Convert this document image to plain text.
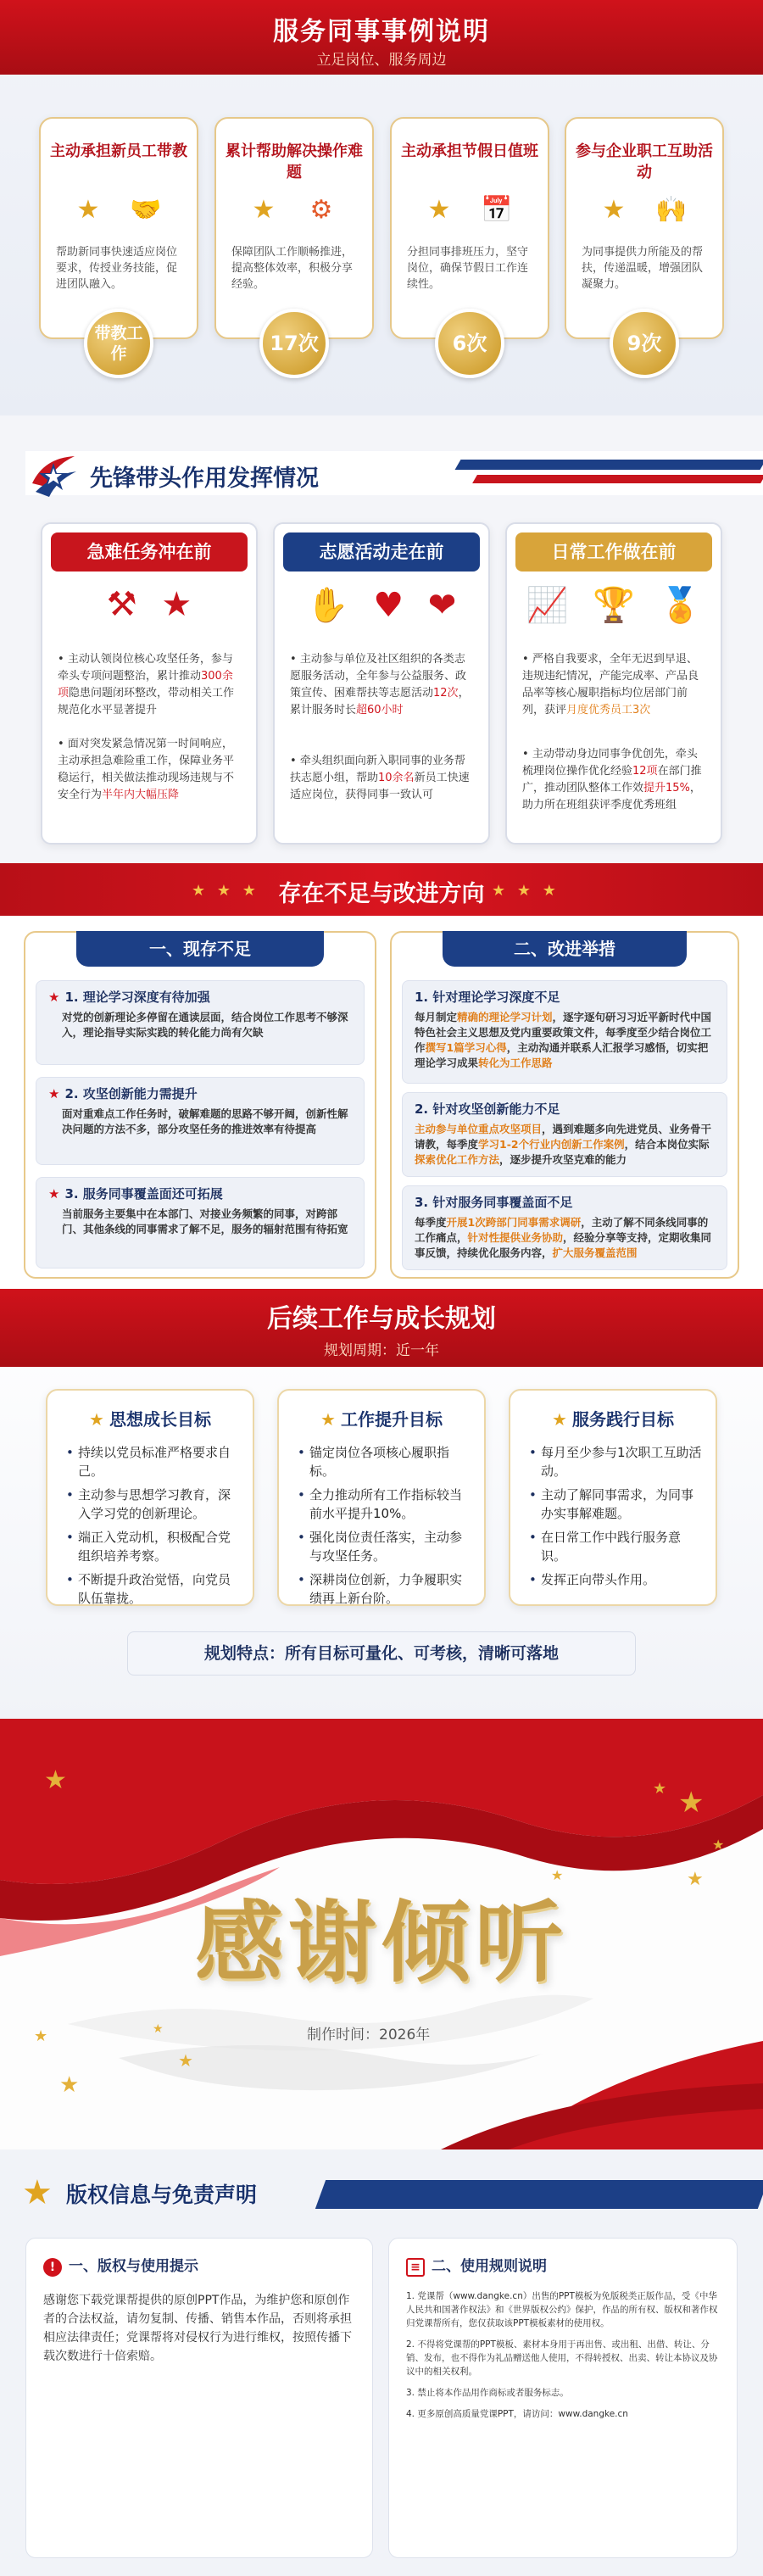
服务同事事例说明
立足岗位、服务周边
主动承担新员工带教
★ 🤝
帮助新同事快速适应岗位要求，传授业务技能，促进团队融入。
累计帮助解决操作难题
★ ⚙
保障团队工作顺畅推进，提高整体效率，积极分享经验。
主动承担节假日值班
★ 📅
分担同事排班压力，坚守岗位，确保节假日工作连续性。
参与企业职工互助活动
★ 🙌
为同事提供力所能及的帮扶，传递温暖，增强团队凝聚力。
带教工作	17次	6次	9次
先锋带头作用发挥情况
急难任务冲在前
⚒ ★
• 主动认领岗位核心攻坚任务，参与牵头专项问题整治，累计推动300余项隐患问题闭环整改，带动相关工作规范化水平显著提升
• 面对突发紧急情况第一时间响应，主动承担急难险重工作，保障业务平稳运行，相关做法推动现场违规与不安全行为半年内大幅压降
志愿活动走在前
✋ ♥ ❤
• 主动参与单位及社区组织的各类志愿服务活动，全年参与公益服务、政策宣传、困难帮扶等志愿活动12次，累计服务时长超60小时
• 牵头组织面向新入职同事的业务帮扶志愿小组，帮助10余名新员工快速适应岗位，获得同事一致认可
日常工作做在前
📈 🏆 🏅
• 严格自我要求，全年无迟到早退、违规违纪情况，产能完成率、产品良品率等核心履职指标均位居部门前列，获评月度优秀员工3次
• 主动带动身边同事争优创先，牵头梳理岗位操作优化经验12项在部门推广，推动团队整体工作效提升15%，助力所在班组获评季度优秀班组
★ ★ ★ 存在不足与改进方向 ★ ★ ★
一、现存不足
★ 1. 理论学习深度有待加强
对党的创新理论多停留在通读层面，结合岗位工作思考不够深入，理论指导实际实践的转化能力尚有欠缺
★ 2. 攻坚创新能力需提升
面对重难点工作任务时，破解难题的思路不够开阔，创新性解决问题的方法不多，部分攻坚任务的推进效率有待提高
★ 3. 服务同事覆盖面还可拓展
当前服务主要集中在本部门、对接业务频繁的同事，对跨部门、其他条线的同事需求了解不足，服务的辐射范围有待拓宽
二、改进举措
1. 针对理论学习深度不足
每月制定精确的理论学习计划，逐字逐句研习习近平新时代中国特色社会主义思想及党内重要政策文件，每季度至少结合岗位工作撰写1篇学习心得，主动沟通并联系人汇报学习感悟，切实把理论学习成果转化为工作思路
2. 针对攻坚创新能力不足
主动参与单位重点攻坚项目，遇到难题多向先进党员、业务骨干请教，每季度学习1-2个行业内创新工作案例，结合本岗位实际探索优化工作方法，逐步提升攻坚克难的能力
3. 针对服务同事覆盖面不足
每季度开展1次跨部门同事需求调研，主动了解不同条线同事的工作痛点，针对性提供业务协助，经验分享等支持，定期收集同事反馈，持续优化服务内容，扩大服务覆盖范围
后续工作与成长规划
规划周期：近一年
★ 思想成长目标
• 持续以党员标准严格要求自己。
• 主动参与思想学习教育，深入学习党的创新理论。
• 端正入党动机，积极配合党组织培养考察。
• 不断提升政治觉悟，向党员队伍靠拢。
★ 工作提升目标
• 锚定岗位各项核心履职指标。
• 全力推动所有工作指标较当前水平提升10%。
• 强化岗位责任落实，主动参与攻坚任务。
• 深耕岗位创新，力争履职实绩再上新台阶。
★ 服务践行目标
• 每月至少参与1次职工互助活动。
• 主动了解同事需求，为同事办实事解难题。
• 在日常工作中践行服务意识。
• 发挥正向带头作用。
规划特点：所有目标可量化、可考核，清晰可落地
★
★
★
★
★
★
★
★
★
★
感谢倾听
制作时间：2026年
★ 版权信息与免责声明
! 一、版权与使用提示
感谢您下载党课帮提供的原创PPT作品，为维护您和原创作者的合法权益，请勿复制、传播、销售本作品，否则将承担相应法律责任；党课帮将对侵权行为进行维权，按照传播下载次数进行十倍索赔。
≡ 二、使用规则说明
1. 党课帮（www.dangke.cn）出售的PPT模板为免版税类正版作品，受《中华人民共和国著作权法》和《世界版权公约》保护，作品的所有权、版权和著作权归党课帮所有，您仅获取该PPT模板素材的使用权。
2. 不得将党课帮的PPT模板、素材本身用于再出售、或出租、出借、转让、分销、发布，也不得作为礼品赠送他人使用，不得转授权、出卖、转让本协议及协议中的相关权利。
3. 禁止将本作品用作商标或者服务标志。
4. 更多原创高质量党课PPT，请访问：www.dangke.cn
